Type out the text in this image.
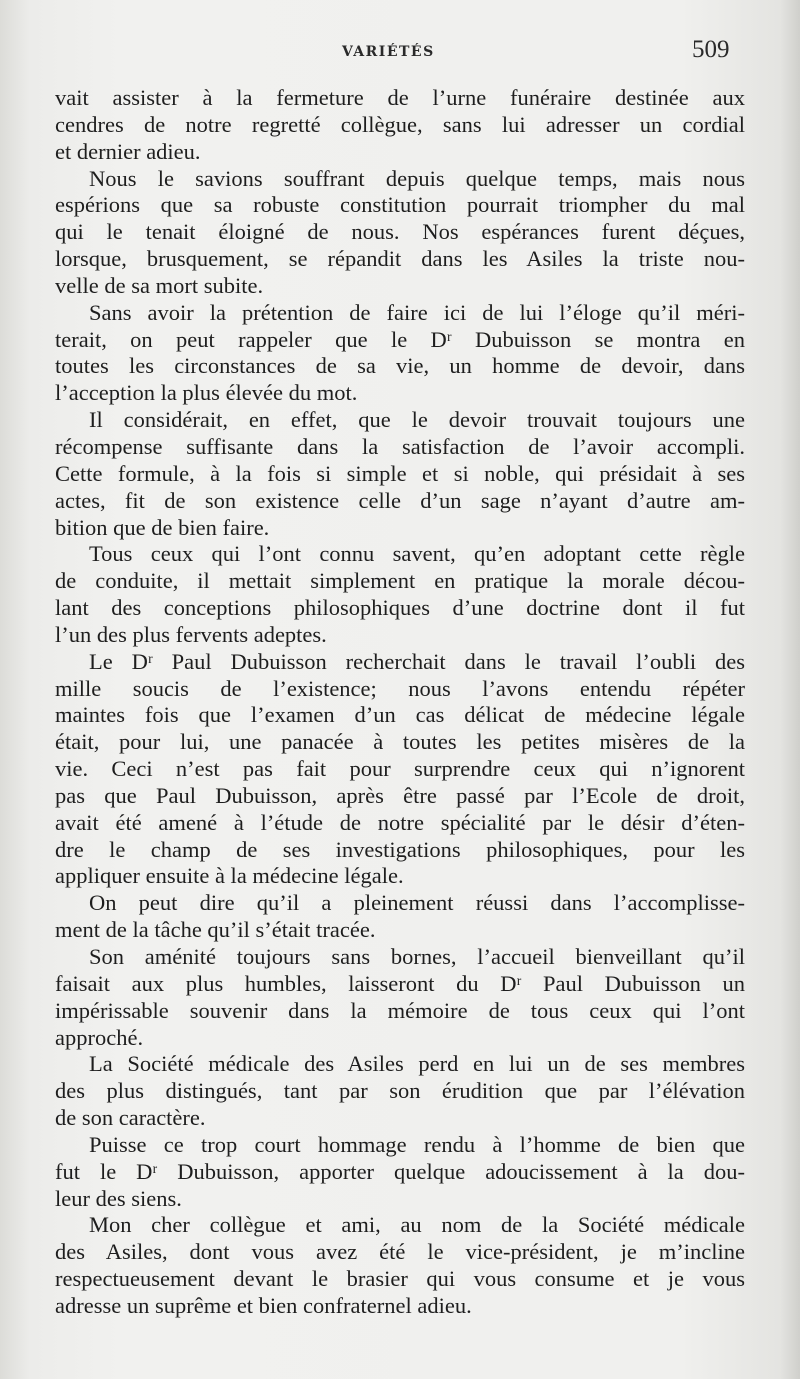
VARIÉTÉS	509
vait assister à la fermeture de l’urne funéraire destinée aux
cendres de notre regretté collègue, sans lui adresser un cordial
et dernier adieu.
Nous le savions souffrant depuis quelque temps, mais nous
espérions que sa robuste constitution pourrait triompher du mal
qui le tenait éloigné de nous. Nos espérances furent déçues,
lorsque, brusquement, se répandit dans les Asiles la triste nou-
velle de sa mort subite.
Sans avoir la prétention de faire ici de lui l’éloge qu’il méri-
terait, on peut rappeler que le Dʳ Dubuisson se montra en
toutes les circonstances de sa vie, un homme de devoir, dans
l’acception la plus élevée du mot.
Il considérait, en effet, que le devoir trouvait toujours une
récompense suffisante dans la satisfaction de l’avoir accompli.
Cette formule, à la fois si simple et si noble, qui présidait à ses
actes, fit de son existence celle d’un sage n’ayant d’autre am-
bition que de bien faire.
Tous ceux qui l’ont connu savent, qu’en adoptant cette règle
de conduite, il mettait simplement en pratique la morale décou-
lant des conceptions philosophiques d’une doctrine dont il fut
l’un des plus fervents adeptes.
Le Dʳ Paul Dubuisson recherchait dans le travail l’oubli des
mille soucis de l’existence; nous l’avons entendu répéter
maintes fois que l’examen d’un cas délicat de médecine légale
était, pour lui, une panacée à toutes les petites misères de la
vie. Ceci n’est pas fait pour surprendre ceux qui n’ignorent
pas que Paul Dubuisson, après être passé par l’Ecole de droit,
avait été amené à l’étude de notre spécialité par le désir d’éten-
dre le champ de ses investigations philosophiques, pour les
appliquer ensuite à la médecine légale.
On peut dire qu’il a pleinement réussi dans l’accomplisse-
ment de la tâche qu’il s’était tracée.
Son aménité toujours sans bornes, l’accueil bienveillant qu’il
faisait aux plus humbles, laisseront du Dʳ Paul Dubuisson un
impérissable souvenir dans la mémoire de tous ceux qui l’ont
approché.
La Société médicale des Asiles perd en lui un de ses membres
des plus distingués, tant par son érudition que par l’élévation
de son caractère.
Puisse ce trop court hommage rendu à l’homme de bien que
fut le Dʳ Dubuisson, apporter quelque adoucissement à la dou-
leur des siens.
Mon cher collègue et ami, au nom de la Société médicale
des Asiles, dont vous avez été le vice-président, je m’incline
respectueusement devant le brasier qui vous consume et je vous
adresse un suprême et bien confraternel adieu.
